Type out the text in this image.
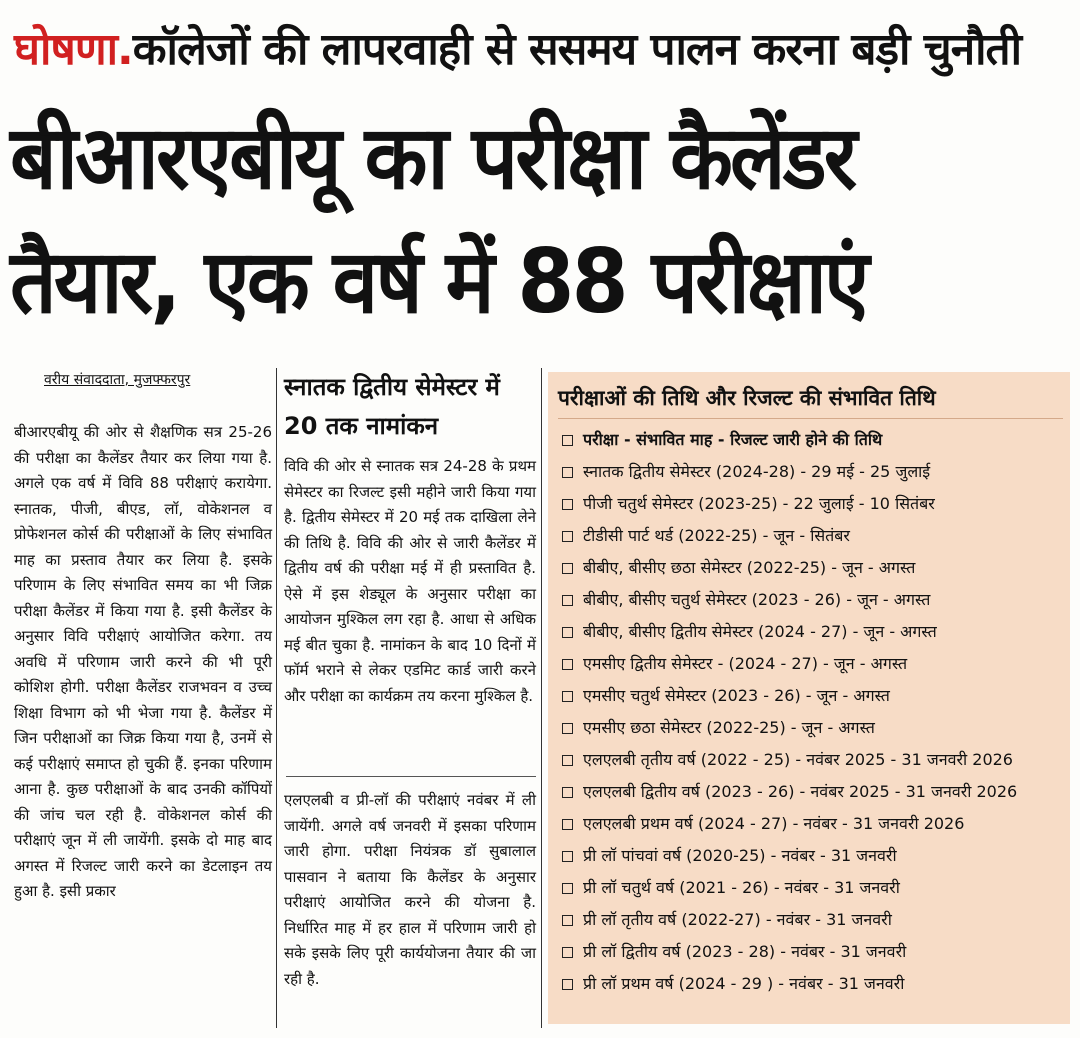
घोषणा.कॉलेजों की लापरवाही से ससमय पालन करना बड़ी चुनौती
बीआरएबीयू का परीक्षा कैलेंडर
तैयार, एक वर्ष में 88 परीक्षाएं
वरीय संवाददाता, मुजफ्फरपुर
बीआरएबीयू की ओर से शैक्षणिक सत्र 25-26 की परीक्षा का कैलेंडर तैयार कर लिया गया है. अगले एक वर्ष में विवि 88 परीक्षाएं करायेगा. स्नातक, पीजी, बीएड, लॉ, वोकेशनल व प्रोफेशनल कोर्स की परीक्षाओं के लिए संभावित माह का प्रस्ताव तैयार कर लिया है. इसके परिणाम के लिए संभावित समय का भी जिक्र परीक्षा कैलेंडर में किया गया है. इसी कैलेंडर के अनुसार विवि परीक्षाएं आयोजित करेगा. तय अवधि में परिणाम जारी करने की भी पूरी कोशिश होगी. परीक्षा कैलेंडर राजभवन व उच्च शिक्षा विभाग को भी भेजा गया है. कैलेंडर में जिन परीक्षाओं का जिक्र किया गया है, उनमें से कई परीक्षाएं समाप्त हो चुकी हैं. इनका परिणाम आना है. कुछ परीक्षाओं के बाद उनकी कॉपियों की जांच चल रही है. वोकेशनल कोर्स की परीक्षाएं जून में ली जायेंगी. इसके दो माह बाद अगस्त में रिजल्ट जारी करने का डेटलाइन तय हुआ है. इसी प्रकार
स्नातक द्वितीय सेमेस्टर में 20 तक नामांकन
विवि की ओर से स्नातक सत्र 24-28 के प्रथम सेमेस्टर का रिजल्ट इसी महीने जारी किया गया है. द्वितीय सेमेस्टर में 20 मई तक दाखिला लेने की तिथि है. विवि की ओर से जारी कैलेंडर में द्वितीय वर्ष की परीक्षा मई में ही प्रस्तावित है. ऐसे में इस शेड्यूल के अनुसार परीक्षा का आयोजन मुश्किल लग रहा है. आधा से अधिक मई बीत चुका है. नामांकन के बाद 10 दिनों में फॉर्म भराने से लेकर एडमिट कार्ड जारी करने और परीक्षा का कार्यक्रम तय करना मुश्किल है.
एलएलबी व प्री-लॉ की परीक्षाएं नवंबर में ली जायेंगी. अगले वर्ष जनवरी में इसका परिणाम जारी होगा. परीक्षा नियंत्रक डॉ सुबालाल पासवान ने बताया कि कैलेंडर के अनुसार परीक्षाएं आयोजित करने की योजना है. निर्धारित माह में हर हाल में परिणाम जारी हो सके इसके लिए पूरी कार्ययोजना तैयार की जा रही है.
परीक्षाओं की तिथि और रिजल्ट की संभावित तिथि
परीक्षा - संभावित माह - रिजल्ट जारी होने की तिथि
स्नातक द्वितीय सेमेस्टर (2024-28) - 29 मई - 25 जुलाई
पीजी चतुर्थ सेमेस्टर (2023-25) - 22 जुलाई - 10 सितंबर
टीडीसी पार्ट थर्ड (2022-25) - जून - सितंबर
बीबीए, बीसीए छठा सेमेस्टर (2022-25) - जून - अगस्त
बीबीए, बीसीए चतुर्थ सेमेस्टर (2023 - 26) - जून - अगस्त
बीबीए, बीसीए द्वितीय सेमेस्टर (2024 - 27) - जून - अगस्त
एमसीए द्वितीय सेमेस्टर - (2024 - 27) - जून - अगस्त
एमसीए चतुर्थ सेमेस्टर (2023 - 26) - जून - अगस्त
एमसीए छठा सेमेस्टर (2022-25) - जून - अगस्त
एलएलबी तृतीय वर्ष (2022 - 25) - नवंबर 2025 - 31 जनवरी 2026
एलएलबी द्वितीय वर्ष (2023 - 26) - नवंबर 2025 - 31 जनवरी 2026
एलएलबी प्रथम वर्ष (2024 - 27) - नवंबर - 31 जनवरी 2026
प्री लॉ पांचवां वर्ष (2020-25) - नवंबर - 31 जनवरी
प्री लॉ चतुर्थ वर्ष (2021 - 26) - नवंबर - 31 जनवरी
प्री लॉ तृतीय वर्ष (2022-27) - नवंबर - 31 जनवरी
प्री लॉ द्वितीय वर्ष (2023 - 28) - नवंबर - 31 जनवरी
प्री लॉ प्रथम वर्ष (2024 - 29 ) - नवंबर - 31 जनवरी
